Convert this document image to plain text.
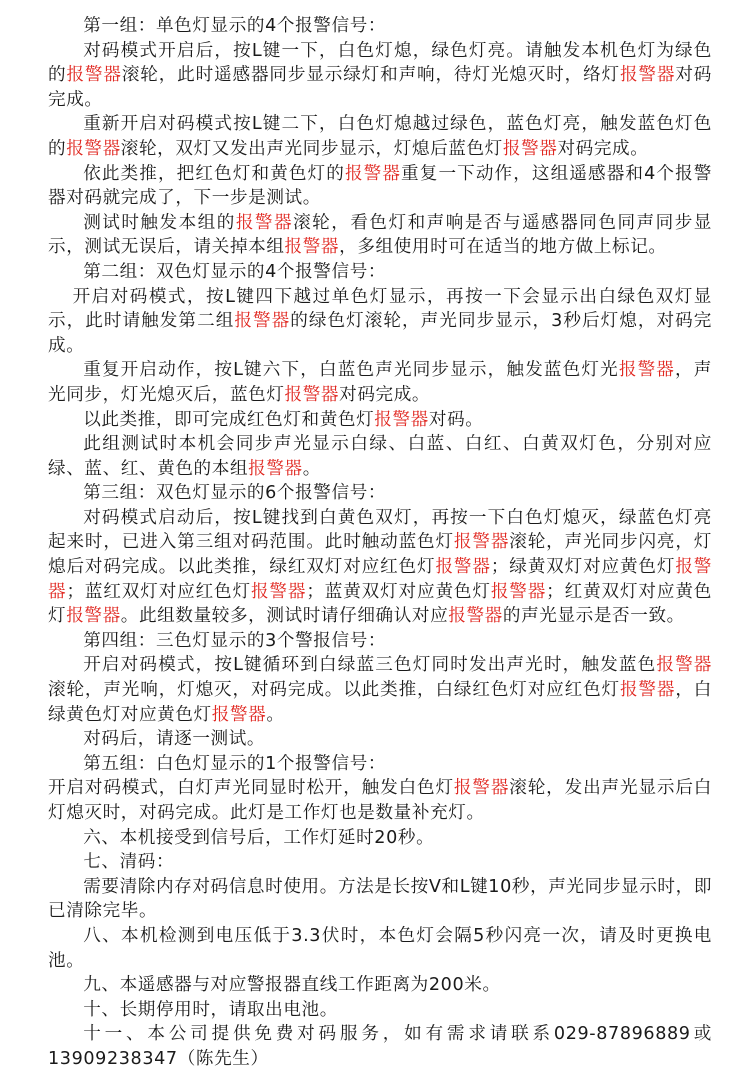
第一组：单色灯显示的4个报警信号：

对码模式开启后，按L键一下，白色灯熄，绿色灯亮。请触发本机色灯为绿色的报警器滚轮，此时遥感器同步显示绿灯和声响，待灯光熄灭时，络灯报警器对码完成。

重新开启对码模式按L键二下，白色灯熄越过绿色，蓝色灯亮，触发蓝色灯色的报警器滚轮，双灯又发出声光同步显示，灯熄后蓝色灯报警器对码完成。

依此类推，把红色灯和黄色灯的报警器重复一下动作，这组遥感器和4个报警器对码就完成了，下一步是测试。

测试时触发本组的报警器滚轮，看色灯和声响是否与遥感器同色同声同步显示，测试无误后，请关掉本组报警器，多组使用时可在适当的地方做上标记。

第二组：双色灯显示的4个报警信号：

开启对码模式，按L键四下越过单色灯显示，再按一下会显示出白绿色双灯显示，此时请触发第二组报警器的绿色灯滚轮，声光同步显示，3秒后灯熄，对码完成。

重复开启动作，按L键六下，白蓝色声光同步显示，触发蓝色灯光报警器，声光同步，灯光熄灭后，蓝色灯报警器对码完成。

以此类推，即可完成红色灯和黄色灯报警器对码。

此组测试时本机会同步声光显示白绿、白蓝、白红、白黄双灯色，分别对应绿、蓝、红、黄色的本组报警器。

第三组：双色灯显示的6个报警信号：

对码模式启动后，按L键找到白黄色双灯，再按一下白色灯熄灭，绿蓝色灯亮起来时，已进入第三组对码范围。此时触动蓝色灯报警器滚轮，声光同步闪亮，灯熄后对码完成。以此类推，绿红双灯对应红色灯报警器；绿黄双灯对应黄色灯报警器；蓝红双灯对应红色灯报警器；蓝黄双灯对应黄色灯报警器；红黄双灯对应黄色灯报警器。此组数量较多，测试时请仔细确认对应报警器的声光显示是否一致。

第四组：三色灯显示的3个警报信号：

开启对码模式，按L键循环到白绿蓝三色灯同时发出声光时，触发蓝色报警器滚轮，声光响，灯熄灭，对码完成。以此类推，白绿红色灯对应红色灯报警器，白绿黄色灯对应黄色灯报警器。

对码后，请逐一测试。

第五组：白色灯显示的1个报警信号：

开启对码模式，白灯声光同显时松开，触发白色灯报警器滚轮，发出声光显示后白灯熄灭时，对码完成。此灯是工作灯也是数量补充灯。

六、本机接受到信号后，工作灯延时20秒。

七、清码：

需要清除内存对码信息时使用。方法是长按V和L键10秒，声光同步显示时，即已清除完毕。

八、本机检测到电压低于3.3伏时，本色灯会隔5秒闪亮一次，请及时更换电池。

九、本遥感器与对应警报器直线工作距离为200米。

十、长期停用时，请取出电池。

十一、本公司提供免费对码服务，如有需求请联系029-87896889或13909238347（陈先生）
